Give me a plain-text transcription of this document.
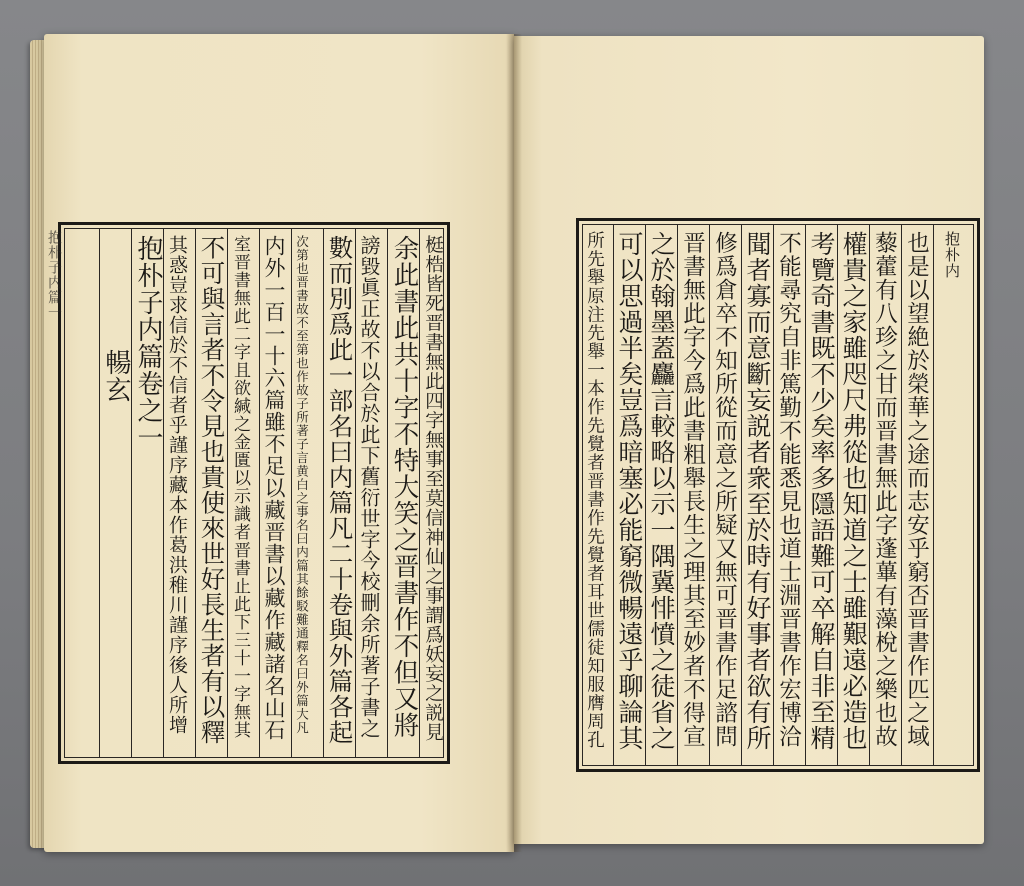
梃梏皆死晋書無此四字無事至莫信神仙之事謂爲妖妄之説見
余此書此共十字不特大笑之晋書作不但又將
謗毀眞正故不以合於此下舊衍世字今校刪余所著子書之
數而別爲此一部名曰内篇凡二十卷與外篇各起
次第也晋書故不至第也作故子所著子言黄白之事名曰内篇其餘駁難通釋名曰外篇大凡
内外一百一十六篇雖不足以藏晋書以藏作藏諸名山石
室晋書無此二字且欲緘之金匱以示識者晋書止此下三十一字無其
不可與言者不令見也貴使來世好長生者有以釋
其惑豈求信於不信者乎謹序藏本作葛洪稚川謹序後人所增
抱朴子内篇卷之一
暢玄
抱朴子内篇一	抱朴内
也是以望絶於榮華之途而志安乎窮否晋書作匹之域
藜藿有八珍之甘而晋書無此字蓬蓽有藻梲之樂也故
權貴之家雖咫尺弗從也知道之士雖艱遠必造也
考覽奇書既不少矣率多隱語難可卒解自非至精
不能尋究自非篤勤不能悉見也道士淵晋書作宏博洽
聞者寡而意斷妄説者衆至於時有好事者欲有所
修爲倉卒不知所從而意之所疑又無可晋書作足諮問
晋書無此字今爲此書粗舉長生之理其至妙者不得宣
之於翰墨蓋麤言較略以示一隅冀悱憤之徒省之
可以思過半矣豈爲暗塞必能窮微暢遠乎聊論其
所先舉原注先舉一本作先覺者晋書作先覺者耳世儒徒知服膺周孔
